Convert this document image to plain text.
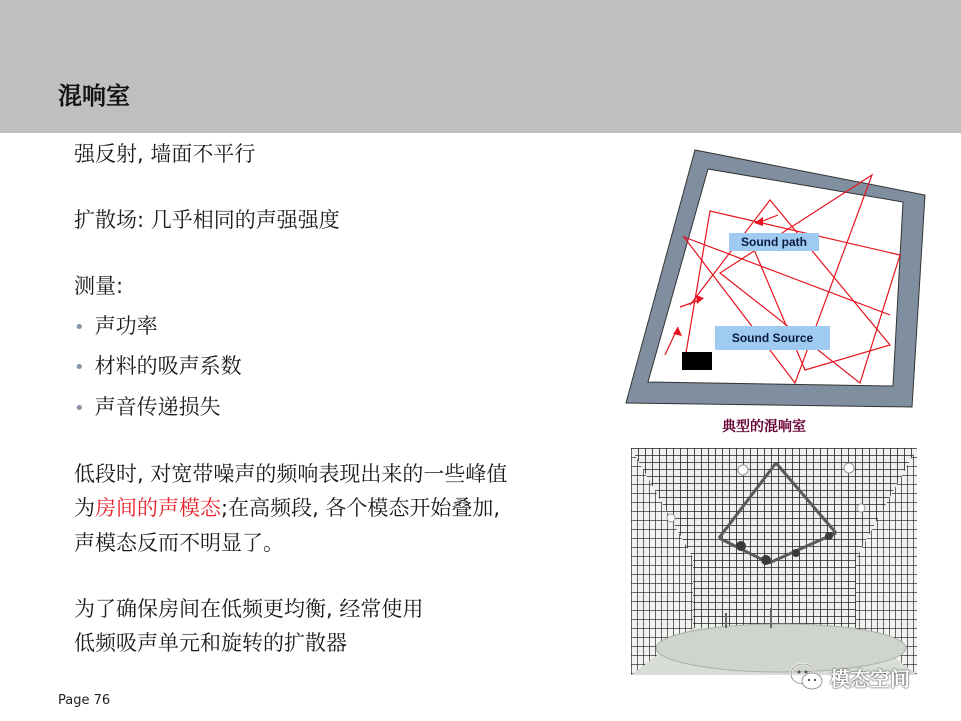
混响室
强反射, 墙面不平行
扩散场: 几乎相同的声强强度
测量:
• 声功率
• 材料的吸声系数
• 声音传递损失
低段时, 对宽带噪声的频响表现出来的一些峰值
为房间的声模态;在高频段, 各个模态开始叠加,
声模态反而不明显了。
为了确保房间在低频更均衡, 经常使用
低频吸声单元和旋转的扩散器
Sound path
Sound Source
典型的混响室
模态空间
Page 76
